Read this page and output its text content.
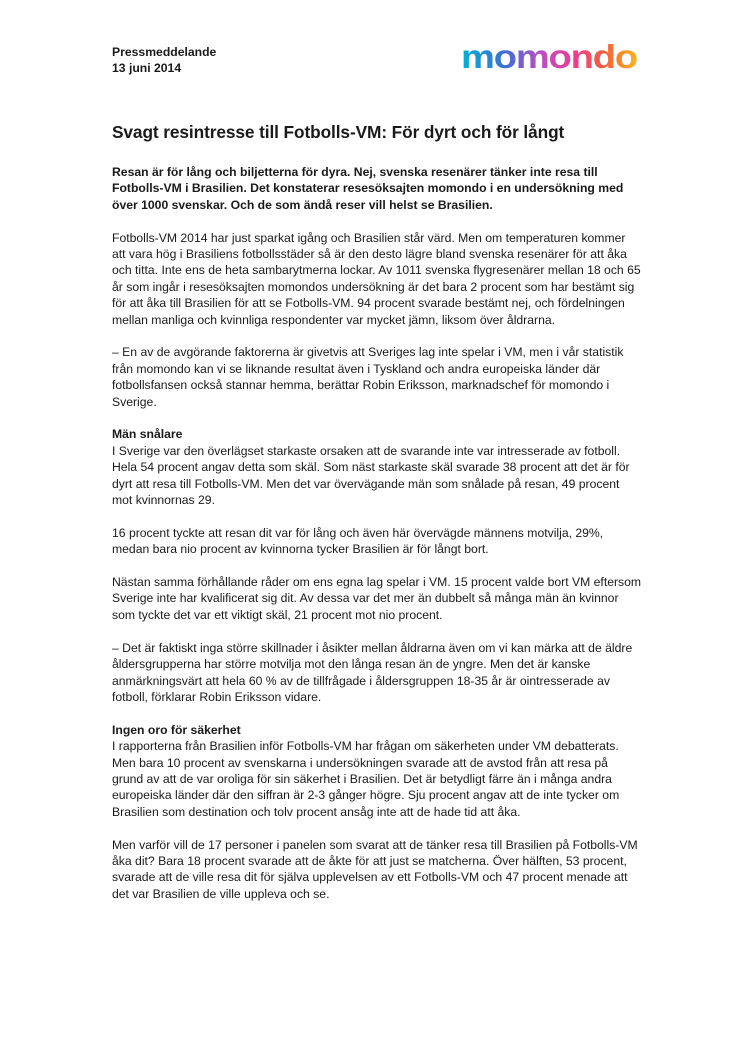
Pressmeddelande
13 juni 2014	momondo
Svagt resintresse till Fotbolls-VM: För dyrt och för långt

Resan är för lång och biljetterna för dyra. Nej, svenska resenärer tänker inte resa till Fotbolls-VM i Brasilien. Det konstaterar resesöksajten momondo i en undersökning med över 1000 svenskar. Och de som ändå reser vill helst se Brasilien.

Fotbolls-VM 2014 har just sparkat igång och Brasilien står värd. Men om temperaturen kommer att vara hög i Brasiliens fotbollsstäder så är den desto lägre bland svenska resenärer för att åka och titta. Inte ens de heta sambarytmerna lockar. Av 1011 svenska flygresenärer mellan 18 och 65 år som ingår i resesöksajten momondos undersökning är det bara 2 procent som har bestämt sig för att åka till Brasilien för att se Fotbolls-VM. 94 procent svarade bestämt nej, och fördelningen mellan manliga och kvinnliga respondenter var mycket jämn, liksom över åldrarna.

– En av de avgörande faktorerna är givetvis att Sveriges lag inte spelar i VM, men i vår statistik från momondo kan vi se liknande resultat även i Tyskland och andra europeiska länder där fotbollsfansen också stannar hemma, berättar Robin Eriksson, marknadschef för momondo i Sverige.

Män snålare

I Sverige var den överlägset starkaste orsaken att de svarande inte var intresserade av fotboll. Hela 54 procent angav detta som skäl. Som näst starkaste skäl svarade 38 procent att det är för dyrt att resa till Fotbolls-VM. Men det var övervägande män som snålade på resan, 49 procent mot kvinnornas 29.

16 procent tyckte att resan dit var för lång och även här övervägde männens motvilja, 29%, medan bara nio procent av kvinnorna tycker Brasilien är för långt bort.

Nästan samma förhållande råder om ens egna lag spelar i VM. 15 procent valde bort VM eftersom Sverige inte har kvalificerat sig dit. Av dessa var det mer än dubbelt så många män än kvinnor som tyckte det var ett viktigt skäl, 21 procent mot nio procent.

– Det är faktiskt inga större skillnader i åsikter mellan åldrarna även om vi kan märka att de äldre åldersgrupperna har större motvilja mot den långa resan än de yngre. Men det är kanske anmärkningsvärt att hela 60 % av de tillfrågade i åldersgruppen 18-35 år är ointresserade av fotboll, förklarar Robin Eriksson vidare.

Ingen oro för säkerhet

I rapporterna från Brasilien inför Fotbolls-VM har frågan om säkerheten under VM debatterats. Men bara 10 procent av svenskarna i undersökningen svarade att de avstod från att resa på grund av att de var oroliga för sin säkerhet i Brasilien. Det är betydligt färre än i många andra europeiska länder där den siffran är 2-3 gånger högre. Sju procent angav att de inte tycker om Brasilien som destination och tolv procent ansåg inte att de hade tid att åka.

Men varför vill de 17 personer i panelen som svarat att de tänker resa till Brasilien på Fotbolls-VM åka dit? Bara 18 procent svarade att de åkte för att just se matcherna. Över hälften, 53 procent, svarade att de ville resa dit för själva upplevelsen av ett Fotbolls-VM och 47 procent menade att det var Brasilien de ville uppleva och se.
